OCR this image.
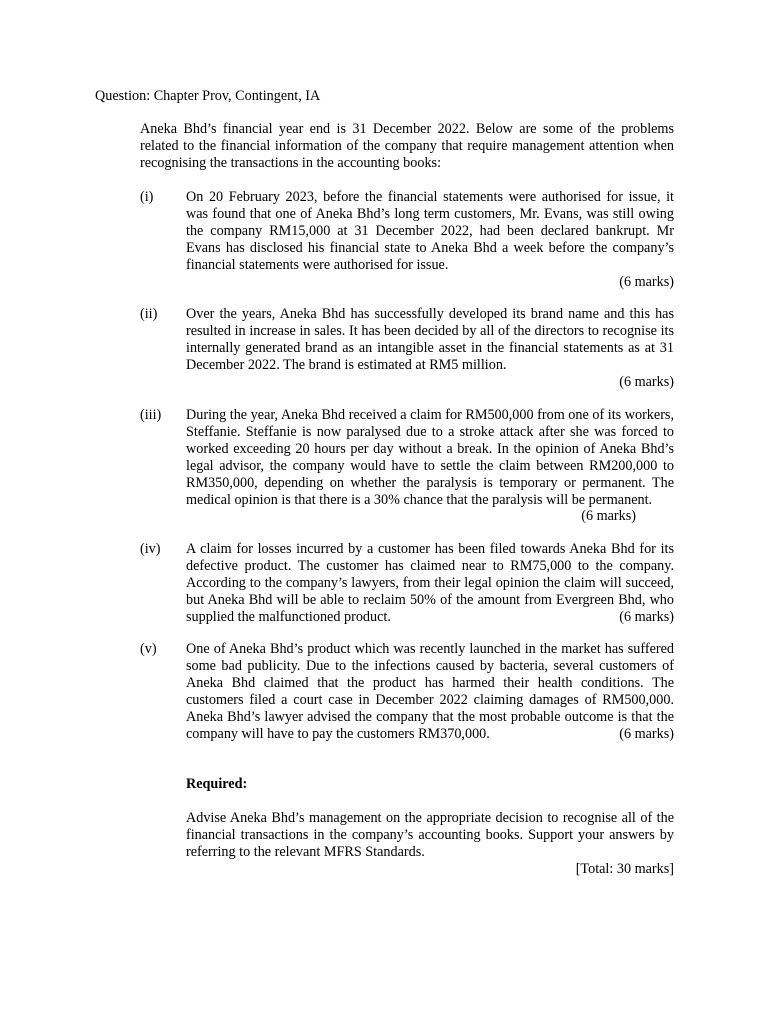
Question: Chapter Prov, Contingent, IA
Aneka Bhd’s financial year end is 31 December 2022. Below are some of the problems related to the financial information of the company that require management attention when recognising the transactions in the accounting books:
(i)	On 20 February 2023, before the financial statements were authorised for issue, it was found that one of Aneka Bhd’s long term customers, Mr. Evans, was still owing the company RM15,000 at 31 December 2022, had been declared bankrupt. Mr Evans has disclosed his financial state to Aneka Bhd a week before the company’s financial statements were authorised for issue.
(6 marks)
(ii)	Over the years, Aneka Bhd has successfully developed its brand name and this has resulted in increase in sales. It has been decided by all of the directors to recognise its internally generated brand as an intangible asset in the financial statements as at 31 December 2022. The brand is estimated at RM5 million.
(6 marks)
(iii)	During the year, Aneka Bhd received a claim for RM500,000 from one of its workers, Steffanie. Steffanie is now paralysed due to a stroke attack after she was forced to worked exceeding 20 hours per day without a break. In the opinion of Aneka Bhd’s legal advisor, the company would have to settle the claim between RM200,000 to RM350,000, depending on whether the paralysis is temporary or permanent. The medical opinion is that there is a 30% chance that the paralysis will be permanent.
(6 marks)
(iv)	A claim for losses incurred by a customer has been filed towards Aneka Bhd for its defective product. The customer has claimed near to RM75,000 to the company. According to the company’s lawyers, from their legal opinion the claim will succeed, but Aneka Bhd will be able to reclaim 50% of the amount from Evergreen Bhd, who supplied the malfunctioned product.	(6 marks)
(v)	One of Aneka Bhd’s product which was recently launched in the market has suffered some bad publicity. Due to the infections caused by bacteria, several customers of Aneka Bhd claimed that the product has harmed their health conditions. The customers filed a court case in December 2022 claiming damages of RM500,000. Aneka Bhd’s lawyer advised the company that the most probable outcome is that the company will have to pay the customers RM370,000.	(6 marks)
Required:
Advise Aneka Bhd’s management on the appropriate decision to recognise all of the financial transactions in the company’s accounting books. Support your answers by referring to the relevant MFRS Standards.
[Total: 30 marks]
